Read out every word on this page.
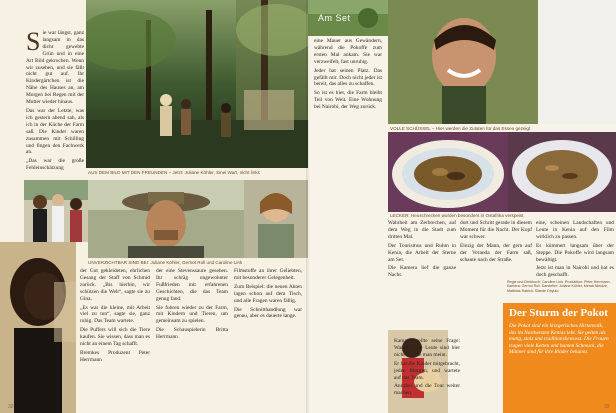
S ie war längst, ganz langsam in das dicht gewebte Grün und in eine Art Bild gekrochen. Wenn wir zusehen, und sie fällt nicht gut auf. Ihr Kindergärtchen ist die Nähe des Hauses an, am Morgen bei Regen mit der Mutter wieder hinaus.

Das war der Letzte, was ich gestern abend sah, als ich in der Küche der Farm saß. Die Kinder waren zusammen mit Schilling und fingen den Fachwerk an.

„Das war die große Fehleinschätzung

AUS DEM BILD MIT DEN FREUNDEN – Jetzt: Juliane Köhler, Sinei Wart, nicht links
UNVERZICHTBAR SIND BEI: Juliane Köhler, Gernot Roll und Caroline Link

der Gut gekleideten, ehrlichen Gesang der Staff von Schmid zurück. „Bis hierhin, wir schützen die Welt“, sagte sie zu Gina.

„Es war die kleine, mit Arbeit viel zu tun“, sagte sie, ganz ruhig. Das Team wartete.

Die Puffers will sich die Tiere kaufen. Sie wissen, dass man es nicht an einem Tag schafft.

Bremkes Produzent Peter Herrmann

der eine Stevenssaure gesehen. Ihr schräg ungewohnter Fußfrieden mit erfahrenen Geschichten, die das Team genug fand.

Sie fuhren wieder zu der Farm, mit Kindern und Tieren, um gemeinsam zu spielen.

Die Schauspielerin Britta Herrmann

Filmstoffe an ihrer Geliebten, mit besonderer Gelegenheit.

Zum Beispiel: die neuen Akten lagen schon auf dem Tisch, und alle Fragen waren fällig.

Die Schnitthandlung war genau, aber es dauerte lange.

32

eine Mauer aus Gewändern, während die Pokoffe zum ersten Mal ankam. Sie war verzweifelt, fast unruhig.

Jeder hat seinen Platz. Das gefällt mir. Doch nicht jeder ist bereit, das alles zu schaffen.

So ist es hier, die Farm bleibt Teil von Weit. Eine Wohnung bei Nairobi, der Weg zurück.

VOLLE SCHÜSSEL – Hier werden die Zutaten für das Essen gezeigt
LECKER: Heuschrecken wurden besonders in Ostafrika verspeist

Wahrheit am Zerbrechen, auf dem Weg in die Stadt zum dritten Mal.

Der Tourismus und Ruhm in Kenia, die Arbeit der Sterne am Set.

Die Kamera lief die ganze Nacht.

dort und Schritt gerade in diesem Moment für die Nacht. Der Kopf war schwer.

Einzig der Mann, der gern auf der Veranda der Farm saß, schaute nach der Straße.

eine, scheinen Landschaften und Leute in Kenia auf den Film wirklich zu passen.

Es kümmert langsam über der Steppe. Die Pokoffe wird langsam bewältigt.

Jetzt ist man in Nairobi und hat es doch geschafft.

Am Set

Kamaul stellte seine Frage: Warum? Die Leute sind hier nicht so, wie man meint.

Er hat die Kinder mitgebracht, jeden Morgen, und wartete auf das Team.

Anrufen und die Tour weiter machen.

Regie und Drehbuch: Caroline Link. Produktion: Peter Herrmann. Kamera: Gernot Roll. Darsteller: Juliane Köhler, Merab Ninidze, Matthias Habich, Sidede Onyulo.
Der Sturm der Pokot
Die Pokot sind ein kriegerisches Hirtenvolk, das im Nordwesten Kenias lebt. Sie gelten als mutig, stolz und traditionsbewusst. Die Frauen tragen viele Ketten und bunten Schmuck, die Männer sind für ihre Rinder bekannt.
33
